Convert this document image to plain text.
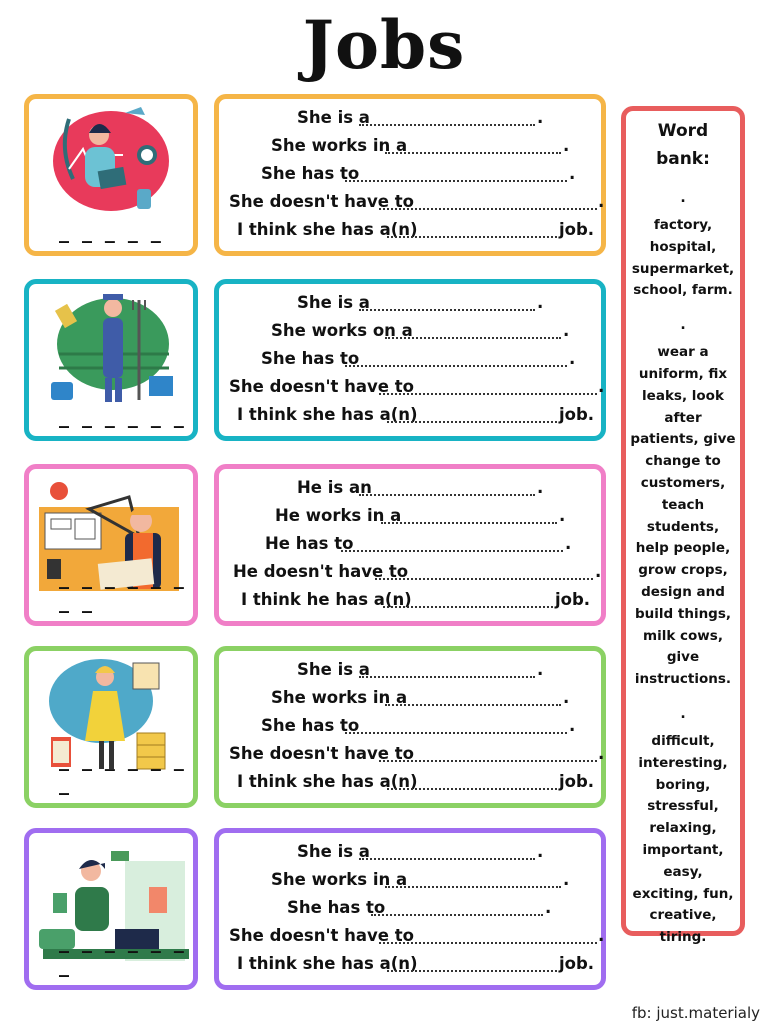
Jobs
_ _ _ _ _
She is a	.
She works in a	.
She has to	.
She doesn't have to	.
I think she has a(n)	job.
_ _ _ _ _ _
She is a	.
She works on a	.
She has to	.
She doesn't have to	.
I think she has a(n)	job.
_ _ _ _ _ _ _ _
He is an	.
He works in a	.
He has to	.
He doesn't have to	.
I think he has a(n)	job.
_ _ _ _ _ _ _
She is a	.
She works in a	.
She has to	.
She doesn't have to	.
I think she has a(n)	job.
_ _ _ _ _ _ _
She is a	.
She works in a	.
She has to	.
She doesn't have to	.
I think she has a(n)	job.
Word
bank:
.
factory, hospital, supermarket, school, farm.
.
wear a uniform, fix leaks, look after patients, give change to customers, teach students, help people, grow crops, design and build things, milk cows, give instructions.
.
difficult, interesting, boring, stressful, relaxing, important, easy, exciting, fun, creative, tiring.
fb: just.materialy
